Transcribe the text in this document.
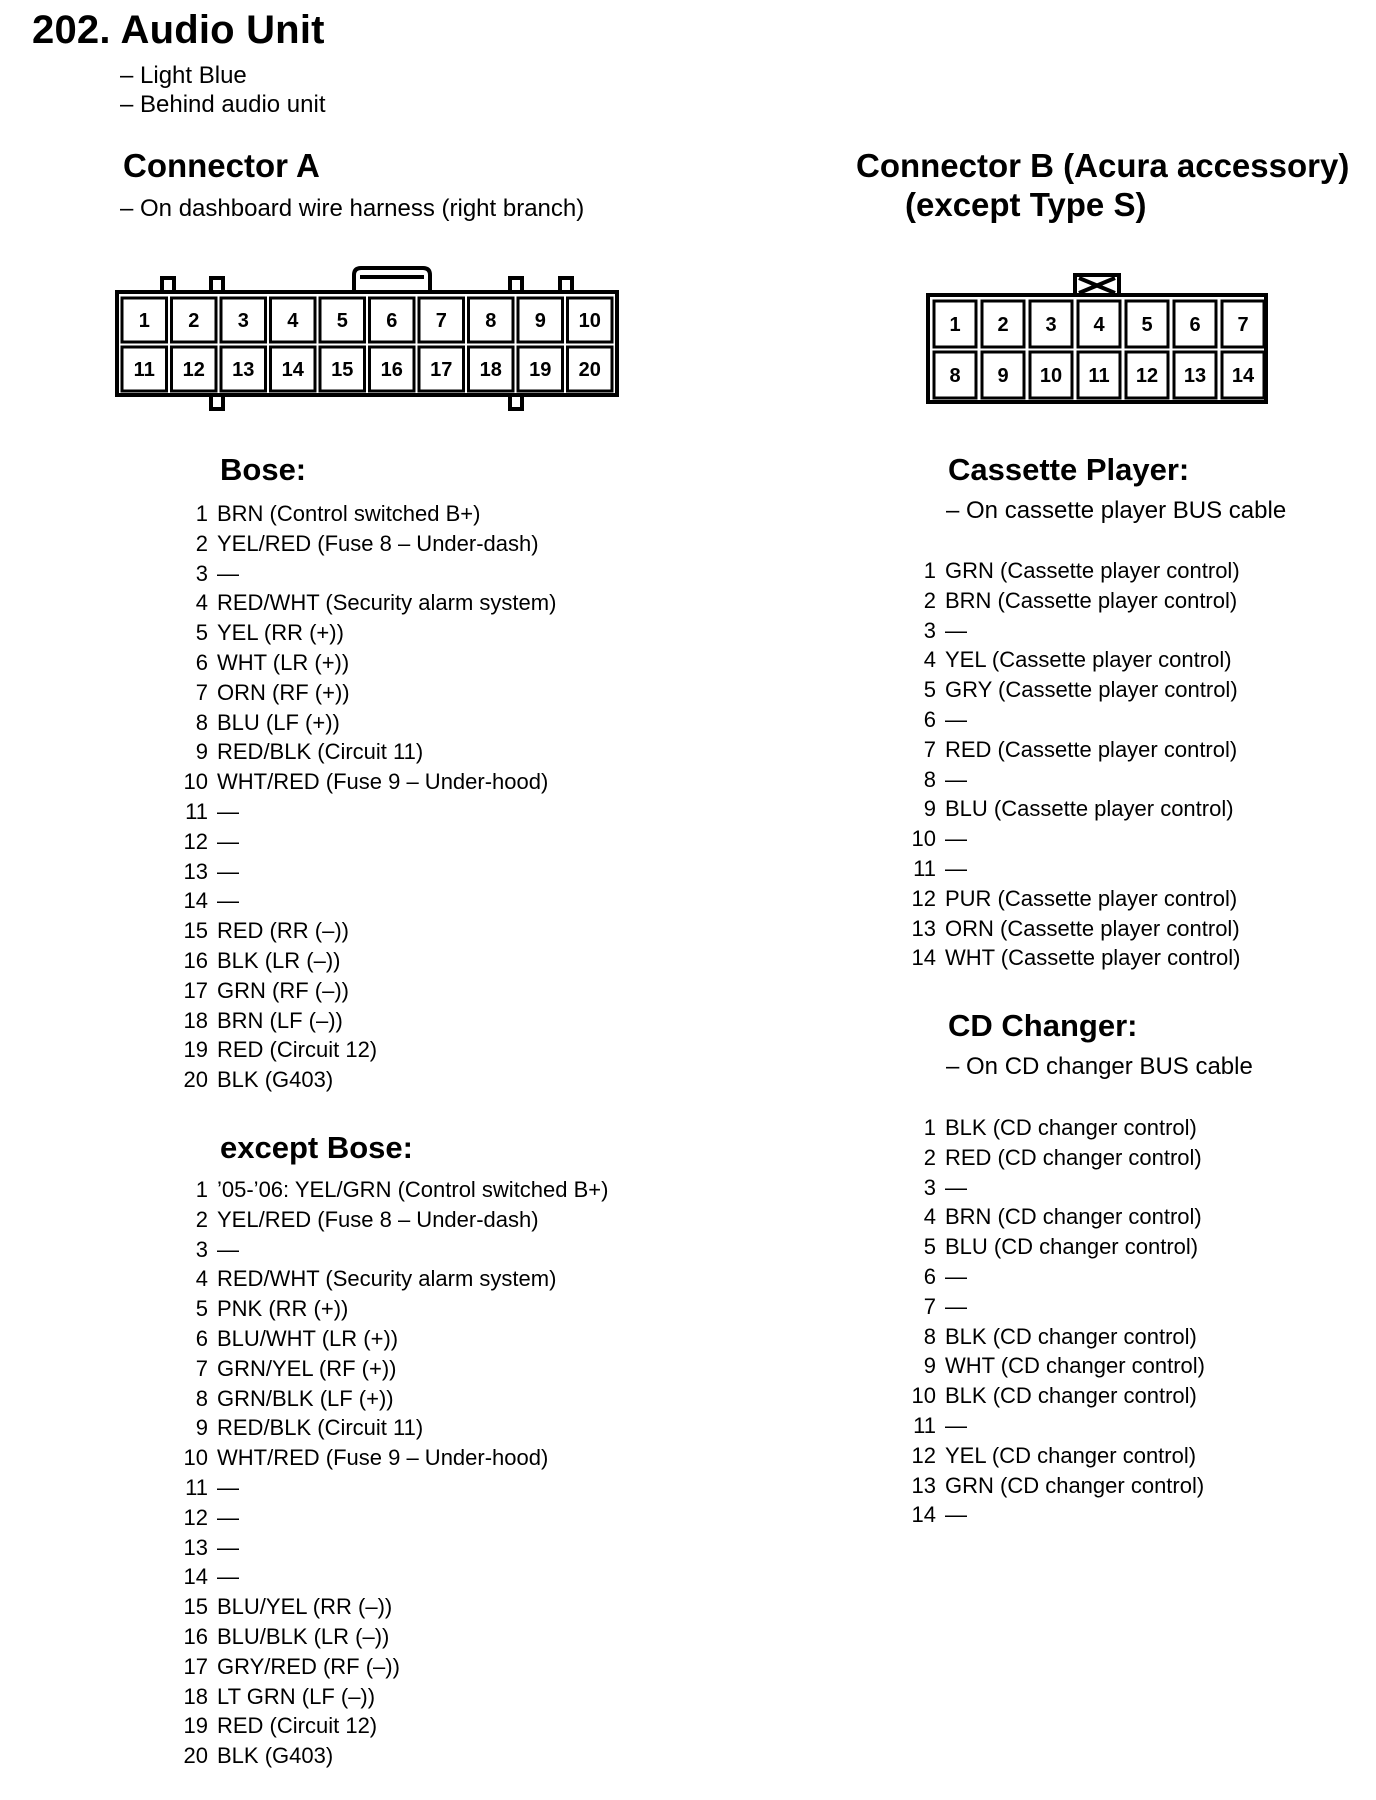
202. Audio Unit
– Light Blue
– Behind audio unit
Connector A
– On dashboard wire harness (right branch)
Connector B (Acura accessory)
(except Type S)
1 2 3 4 5 6 7 8 9 10
11 12 13 14 15 16 17 18 19 20
1 2 3 4 5 6 7
8 9 10 11 12 13 14
Bose:
1 BRN (Control switched B+)
2 YEL/RED (Fuse 8 – Under-dash)
3 —
4 RED/WHT (Security alarm system)
5 YEL (RR (+))
6 WHT (LR (+))
7 ORN (RF (+))
8 BLU (LF (+))
9 RED/BLK (Circuit 11)
10 WHT/RED (Fuse 9 – Under-hood)
11 —
12 —
13 —
14 —
15 RED (RR (–))
16 BLK (LR (–))
17 GRN (RF (–))
18 BRN (LF (–))
19 RED (Circuit 12)
20 BLK (G403)
except Bose:
1 ’05-’06: YEL/GRN (Control switched B+)
2 YEL/RED (Fuse 8 – Under-dash)
3 —
4 RED/WHT (Security alarm system)
5 PNK (RR (+))
6 BLU/WHT (LR (+))
7 GRN/YEL (RF (+))
8 GRN/BLK (LF (+))
9 RED/BLK (Circuit 11)
10 WHT/RED (Fuse 9 – Under-hood)
11 —
12 —
13 —
14 —
15 BLU/YEL (RR (–))
16 BLU/BLK (LR (–))
17 GRY/RED (RF (–))
18 LT GRN (LF (–))
19 RED (Circuit 12)
20 BLK (G403)
Cassette Player:
– On cassette player BUS cable
1 GRN (Cassette player control)
2 BRN (Cassette player control)
3 —
4 YEL (Cassette player control)
5 GRY (Cassette player control)
6 —
7 RED (Cassette player control)
8 —
9 BLU (Cassette player control)
10 —
11 —
12 PUR (Cassette player control)
13 ORN (Cassette player control)
14 WHT (Cassette player control)
CD Changer:
– On CD changer BUS cable
1 BLK (CD changer control)
2 RED (CD changer control)
3 —
4 BRN (CD changer control)
5 BLU (CD changer control)
6 —
7 —
8 BLK (CD changer control)
9 WHT (CD changer control)
10 BLK (CD changer control)
11 —
12 YEL (CD changer control)
13 GRN (CD changer control)
14 —
